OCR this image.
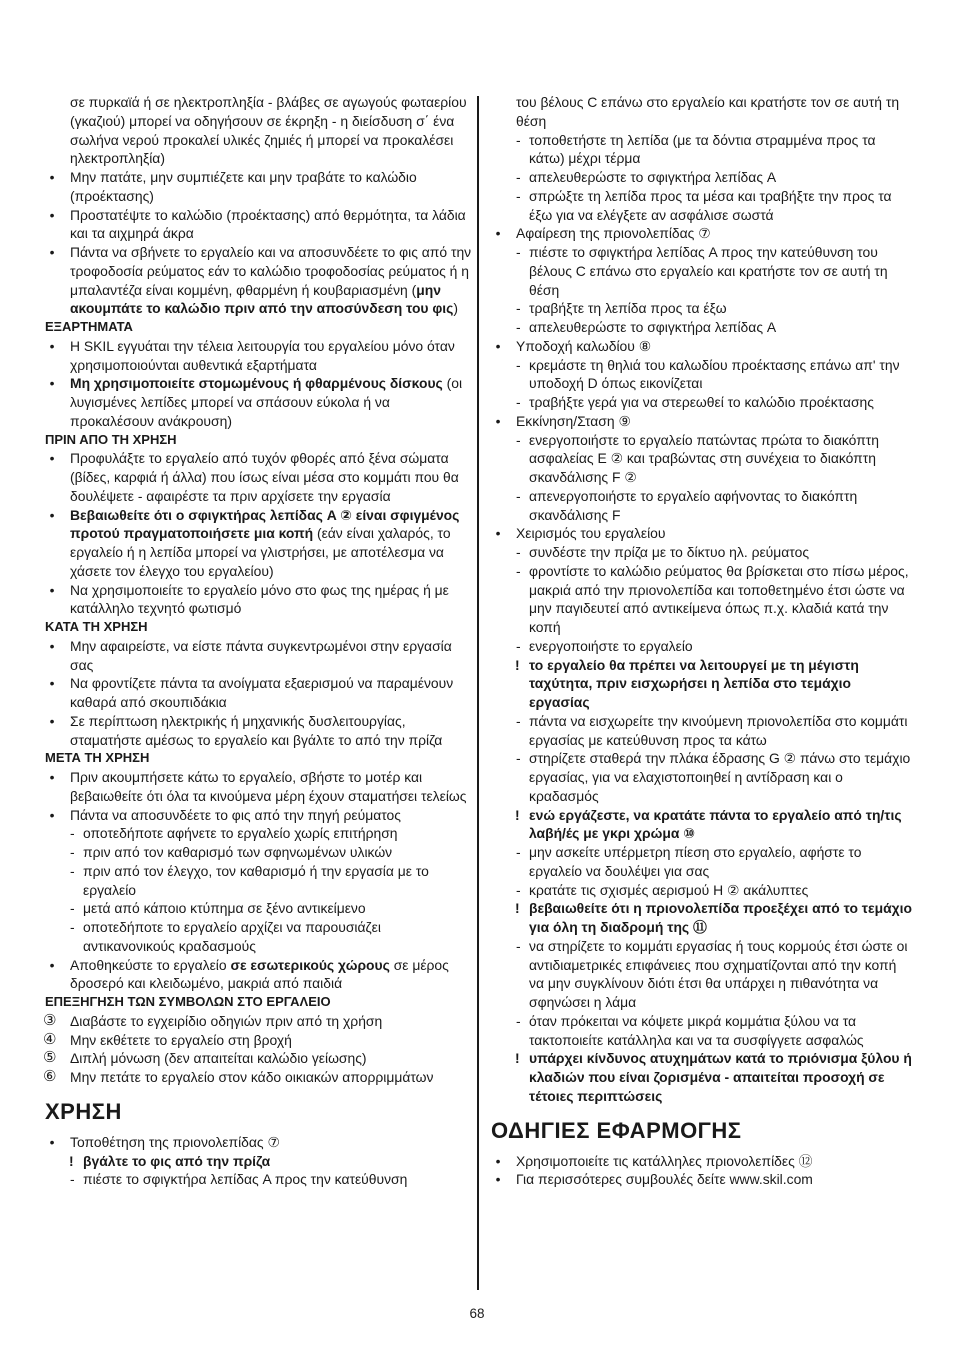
σε πυρκαϊά ή σε ηλεκτροπληξία - βλάβες σε αγωγούς φωταερίου (γκαζιού) μπορεί να οδηγήσουν σε έκρηξη - η διείσδυση σ΄ ένα σωλήνα νερού προκαλεί υλικές ζημιές ή μπορεί να προκαλέσει ηλεκτροπληξία)
•	Μην πατάτε, μην συμπιέζετε και μην τραβάτε το καλώδιο (προέκτασης)
•	Προστατέψτε το καλώδιο (προέκτασης) από θερμότητα, τα λάδια και τα αιχμηρά άκρα
•	Πάντα να σβήνετε το εργαλείο και να αποσυνδέετε το φις από την τροφοδοσία ρεύματος εάν το καλώδιο τροφοδοσίας ρεύματος ή η μπαλαντέζα είναι κομμένη, φθαρμένη ή κουβαριασμένη (μην ακουμπάτε το καλώδιο πριν από την αποσύνδεση του φις)
ΕΞΑΡΤΗΜΑΤΑ
•	Η SKIL εγγυάται την τέλεια λειτουργία του εργαλείου μόνο όταν χρησιμοποιούνται αυθεντικά εξαρτήματα
•	Μη χρησιμοποιείτε στομωμένους ή φθαρμένους δίσκους (οι λυγισμένες λεπίδες μπορεί να σπάσουν εύκολα ή να προκαλέσουν ανάκρουση)
ΠΡΙΝ ΑΠΟ ΤΗ ΧΡΗΣΗ
•	Προφυλάξτε το εργαλείο από τυχόν φθορές από ξένα σώματα (βίδες, καρφιά ή άλλα) που ίσως είναι μέσα στο κομμάτι που θα δουλέψετε - αφαιρέστε τα πριν αρχίσετε την εργασία
•	Βεβαιωθείτε ότι ο σφιγκτήρας λεπίδας A ② είναι σφιγμένος προτού πραγματοποιήσετε μια κοπή (εάν είναι χαλαρός, το εργαλείο ή η λεπίδα μπορεί να γλιστρήσει, με αποτέλεσμα να χάσετε τον έλεγχο του εργαλείου)
•	Να χρησιμοποιείτε το εργαλείο μόνο στο φως της ημέρας ή με κατάλληλο τεχνητό φωτισμό
ΚΑΤΑ ΤΗ ΧΡΗΣΗ
•	Μην αφαιρείστε, να είστε πάντα συγκεντρωμένοι στην εργασία σας
•	Να φροντίζετε πάντα τα ανοίγματα εξαερισμού να παραμένουν καθαρά από σκουπιδάκια
•	Σε περίπτωση ηλεκτρικής ή μηχανικής δυσλειτουργίας, σταματήστε αμέσως το εργαλείο και βγάλτε το από την πρίζα
ΜΕΤΑ ΤΗ ΧΡΗΣΗ
•	Πριν ακουμπήσετε κάτω το εργαλείο, σβήστε το μοτέρ και βεβαιωθείτε ότι όλα τα κινούμενα μέρη έχουν σταματήσει τελείως
•	Πάντα να αποσυνδέετε το φις από την πηγή ρεύματος
- οποτεδήποτε αφήνετε το εργαλείο χωρίς επιτήρηση
- πριν από τον καθαρισμό των σφηνωμένων υλικών
- πριν από τον έλεγχο, τον καθαρισμό ή την εργασία με το εργαλείο
- μετά από κάποιο κτύπημα σε ξένο αντικείμενο
- οποτεδήποτε το εργαλείο αρχίζει να παρουσιάζει αντικανονικούς κραδασμούς
•	Αποθηκεύστε το εργαλείο σε εσωτερικούς χώρους σε μέρος δροσερό και κλειδωμένο, μακριά από παιδιά
ΕΠΕΞΗΓΗΣΗ ΤΩΝ ΣΥΜΒΟΛΩΝ ΣΤΟ ΕΡΓΑΛΕΙΟ
③ Διαβάστε το εγχειρίδιο οδηγιών πριν από τη χρήση
④ Μην εκθέτετε το εργαλείο στη βροχή
⑤ Διπλή μόνωση (δεν απαιτείται καλώδιο γείωσης)
⑥ Μην πετάτε το εργαλείο στον κάδο οικιακών απορριμμάτων
ΧΡΗΣΗ
•	Τοποθέτηση της πριονολεπίδας ⑦
! βγάλτε το φις από την πρίζα
- πιέστε το σφιγκτήρα λεπίδας A προς την κατεύθυνση
του βέλους C επάνω στο εργαλείο και κρατήστε τον σε αυτή τη θέση
- τοποθετήστε τη λεπίδα (με τα δόντια στραμμένα προς τα κάτω) μέχρι τέρμα
- απελευθερώστε το σφιγκτήρα λεπίδας A
- σπρώξτε τη λεπίδα προς τα μέσα και τραβήξτε την προς τα έξω για να ελέγξετε αν ασφάλισε σωστά
•	Αφαίρεση της πριονολεπίδας ⑦
- πιέστε το σφιγκτήρα λεπίδας A προς την κατεύθυνση του βέλους C επάνω στο εργαλείο και κρατήστε τον σε αυτή τη θέση
- τραβήξτε τη λεπίδα προς τα έξω
- απελευθερώστε το σφιγκτήρα λεπίδας A
•	Υποδοχή καλωδίου ⑧
- κρεμάστε τη θηλιά του καλωδίου προέκτασης επάνω απ' την υποδοχή D όπως εικονίζεται
- τραβήξτε γερά για να στερεωθεί το καλώδιο προέκτασης
•	Εκκίνηση/Σταση ⑨
- ενεργοποιήστε το εργαλείο πατώντας πρώτα το διακόπτη ασφαλείας E ② και τραβώντας στη συνέχεια το διακόπτη σκανδάλισης F ②
- απενεργοποιήστε το εργαλείο αφήνοντας το διακόπτη σκανδάλισης F
•	Χειρισμός του εργαλείου
- συνδέστε την πρίζα με το δίκτυο ηλ. ρεύματος
- φροντίστε το καλώδιο ρεύματος θα βρίσκεται στο πίσω μέρος, μακριά από την πριονολεπίδα και τοποθετημένο έτσι ώστε να μην παγιδευτεί από αντικείμενα όπως π.χ. κλαδιά κατά την κοπή
- ενεργοποιήστε το εργαλείο
! το εργαλείο θα πρέπει να λειτουργεί με τη μέγιστη ταχύτητα, πριν εισχωρήσει η λεπίδα στο τεμάχιο εργασίας
- πάντα να εισχωρείτε την κινούμενη πριονολεπίδα στο κομμάτι εργασίας με κατεύθυνση προς τα κάτω
- στηρίζετε σταθερά την πλάκα έδρασης G ② πάνω στο τεμάχιο εργασίας, για να ελαχιστοποιηθεί η αντίδραση και ο κραδασμός
! ενώ εργάζεστε, να κρατάτε πάντα το εργαλείο από τη/τις λαβή/ές με γκρι χρώμα ⑩
- μην ασκείτε υπέρμετρη πίεση στο εργαλείο, αφήστε το εργαλείο να δουλέψει για σας
- κρατάτε τις σχισμές αερισμού H ② ακάλυπτες
! βεβαιωθείτε ότι η πριονολεπίδα προεξέχει από το τεμάχιο για όλη τη διαδρομή της ⑪
- να στηρίζετε το κομμάτι εργασίας ή τους κορμούς έτσι ώστε οι αντιδιαμετρικές επιφάνειες που σχηματίζονται από την κοπή να μην συγκλίνουν διότι έτσι θα υπάρχει η πιθανότητα να σφηνώσει η λάμα
- όταν πρόκειται να κόψετε μικρά κομμάτια ξύλου να τα τακτοποιείτε κατάλληλα και να τα συσφίγγετε ασφαλώς
! υπάρχει κίνδυνος ατυχημάτων κατά το πριόνισμα ξύλου ή κλαδιών που είναι ζορισμένα - απαιτείται προσοχή σε τέτοιες περιπτώσεις
ΟΔΗΓΙΕΣ ΕΦΑΡΜΟΓΗΣ
•	Χρησιμοποιείτε τις κατάλληλες πριονολεπίδες ⑫
•	Για περισσότερες συμβουλές δείτε www.skil.com
68
